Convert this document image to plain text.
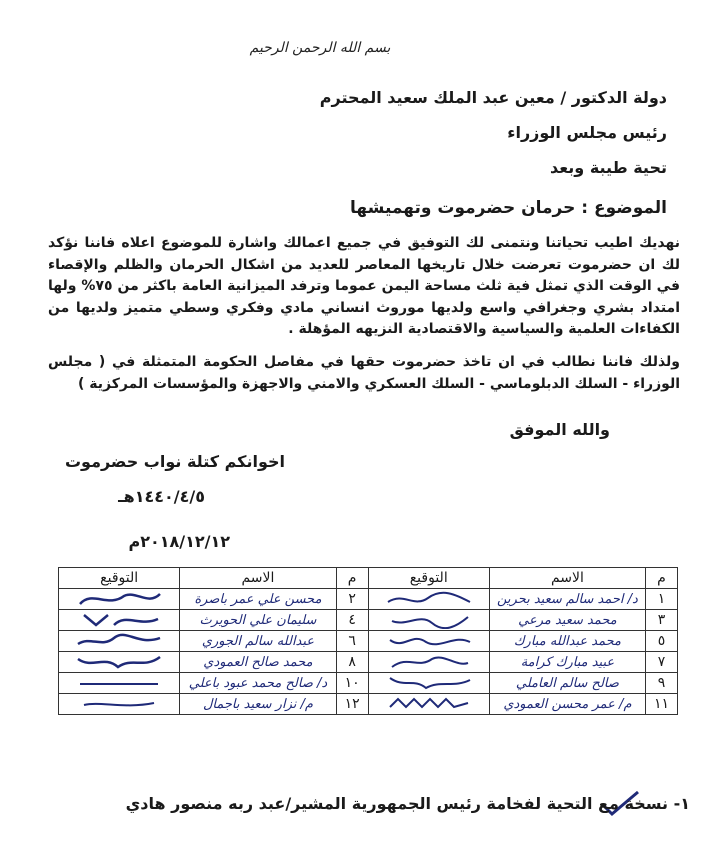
بسم الله الرحمن الرحيم
دولة الدكتور / معين عبد الملك سعيد المحترم
رئيس مجلس الوزراء
تحية طيبة وبعد
الموضوع : حرمان حضرموت وتهميشها
نهديك اطيب تحياتنا ونتمنى لك التوفيق في جميع اعمالك واشارة للموضوع اعلاه فاننا نؤكد لك ان حضرموت تعرضت خلال تاريخها المعاصر للعديد من اشكال الحرمان والظلم والإقصاء في الوقت الذي تمثل فية ثلث مساحة اليمن عموما وترفد الميزانية العامة باكثر من ٧٥% ولها امتداد بشري وجغرافي واسع ولديها موروث انساني مادي وفكري وسطي متميز ولديها من الكفاءات العلمية والسياسية والاقتصادية النزيهه المؤهلة .
ولذلك فاننا نطالب في ان تاخذ حضرموت حقها في مفاصل الحكومة المتمثلة في ( مجلس الوزراء - السلك الدبلوماسي - السلك العسكري والامني والاجهزة والمؤسسات المركزية )
والله الموفق
اخوانكم كتلة نواب حضرموت
١٤٤٠/٤/٥هـ
٢٠١٨/١٢/١٢م
م	الاسم	التوقيع	م	الاسم	التوقيع
١	د/ احمد سالم سعيد بحرين		٢	محسن علي عمر باصرة	

٣	محمد سعيد مرعي		٤	سليمان علي الحويرث	

٥	محمد عبدالله مبارك		٦	عبدالله سالم الجوري	

٧	عبيد مبارك كرامة		٨	محمد صالح العمودي	

٩	صالح سالم العاملي		١٠	د/ صالح محمد عبود باعلي	

١١	م/ عمر محسن العمودي		١٢	م/ نزار سعيد باجمال	
١- نسخة مع التحية لفخامة رئيس الجمهورية المشير/عبد ربه منصور هادي
